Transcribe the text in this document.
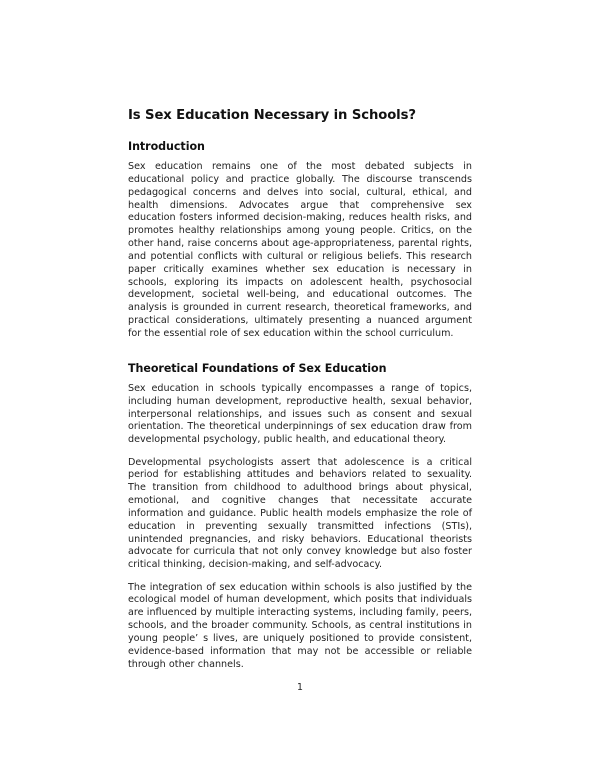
Is Sex Education Necessary in Schools?
Introduction

Sex education remains one of the most debated subjects in educational policy and practice globally. The discourse transcends pedagogical concerns and delves into social, cultural, ethical, and health dimensions. Advocates argue that comprehensive sex education fosters informed decision-making, reduces health risks, and promotes healthy relationships among young people. Critics, on the other hand, raise concerns about age-appropriateness, parental rights, and potential conflicts with cultural or religious beliefs. This research paper critically examines whether sex education is necessary in schools, exploring its impacts on adolescent health, psychosocial development, societal well-being, and educational outcomes. The analysis is grounded in current research, theoretical frameworks, and practical considerations, ultimately presenting a nuanced argument for the essential role of sex education within the school curriculum.

Theoretical Foundations of Sex Education

Sex education in schools typically encompasses a range of topics, including human development, reproductive health, sexual behavior, interpersonal relationships, and issues such as consent and sexual orientation. The theoretical underpinnings of sex education draw from developmental psychology, public health, and educational theory.

Developmental psychologists assert that adolescence is a critical period for establishing attitudes and behaviors related to sexuality. The transition from childhood to adulthood brings about physical, emotional, and cognitive changes that necessitate accurate information and guidance. Public health models emphasize the role of education in preventing sexually transmitted infections (STIs), unintended pregnancies, and risky behaviors. Educational theorists advocate for curricula that not only convey knowledge but also foster critical thinking, decision-making, and self-advocacy.

The integration of sex education within schools is also justified by the ecological model of human development, which posits that individuals are influenced by multiple interacting systems, including family, peers, schools, and the broader community. Schools, as central institutions in young people’ s lives, are uniquely positioned to provide consistent, evidence-based information that may not be accessible or reliable through other channels.

1
